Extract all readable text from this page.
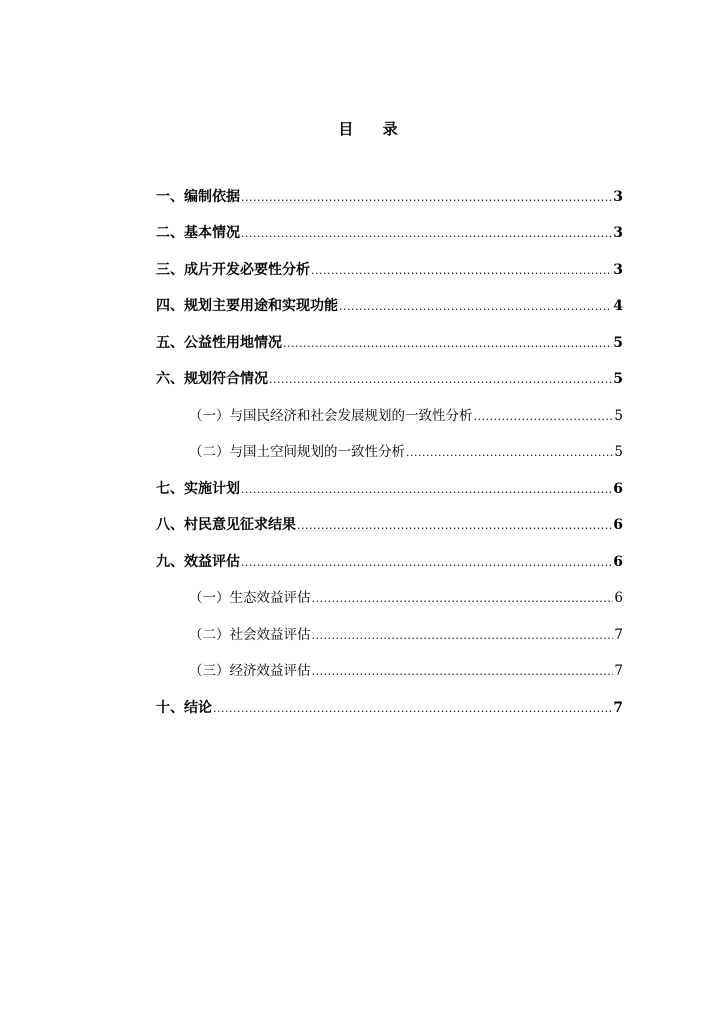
目 录
一、编制依据 .....	3
二、基本情况 .....	3
三、成片开发必要性分析 .....	3
四、规划主要用途和实现功能 .....	4
五、公益性用地情况 .....	5
六、规划符合情况 .....	5
（一）与国民经济和社会发展规划的一致性分析 .....	5
（二）与国土空间规划的一致性分析 .....	5
七、实施计划 .....	6
八、村民意见征求结果 .....	6
九、效益评估 .....	6
（一）生态效益评估 .....	6
（二）社会效益评估 .....	7
（三）经济效益评估 .....	7
十、结论 .....	7
